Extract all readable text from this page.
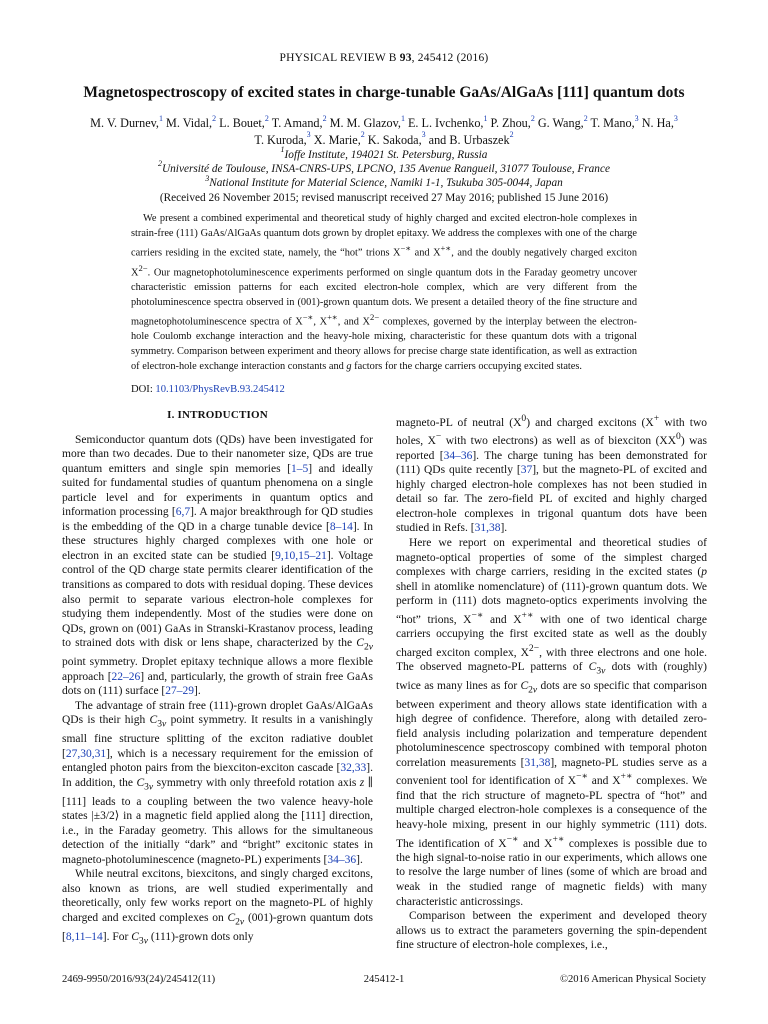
PHYSICAL REVIEW B 93, 245412 (2016)
Magnetospectroscopy of excited states in charge-tunable GaAs/AlGaAs [111] quantum dots
M. V. Durnev,$^1$ M. Vidal,$^2$ L. Bouet,$^2$ T. Amand,$^2$ M. M. Glazov,$^1$ E. L. Ivchenko,$^1$ P. Zhou,$^2$ G. Wang,$^2$ T. Mano,$^3$ N. Ha,$^3$
T. Kuroda,$^3$ X. Marie,$^2$ K. Sakoda,$^3$ and B. Urbaszek$^2$

$^1$Ioffe Institute, 194021 St. Petersburg, Russia

$^2$Université de Toulouse, INSA-CNRS-UPS, LPCNO, 135 Avenue Rangueil, 31077 Toulouse, France

$^3$National Institute for Material Science, Namiki 1-1, Tsukuba 305-0044, Japan

(Received 26 November 2015; revised manuscript received 27 May 2016; published 15 June 2016)

We present a combined experimental and theoretical study of highly charged and excited electron-hole complexes in strain-free (111) GaAs/AlGaAs quantum dots grown by droplet epitaxy. We address the complexes with one of the charge carriers residing in the excited state, namely, the “hot” trions X−∗ and X+∗, and the doubly negatively charged exciton $X^{2-}$. Our magnetophotoluminescence experiments performed on single quantum dots in the Faraday geometry uncover characteristic emission patterns for each excited electron-hole complex, which are very different from the photoluminescence spectra observed in (001)-grown quantum dots. We present a detailed theory of the fine structure and magnetophotoluminescence spectra of X−∗, X+∗, and $X^{2-}$ complexes, governed by the interplay between the electron-hole Coulomb exchange interaction and the heavy-hole mixing, characteristic for these quantum dots with a trigonal symmetry. Comparison between experiment and theory allows for precise charge state identification, as well as extraction of electron-hole exchange interaction constants and g factors for the charge carriers occupying excited states.

DOI: 10.1103/PhysRevB.93.245412

I. INTRODUCTION

Semiconductor quantum dots (QDs) have been investigated for more than two decades. Due to their nanometer size, QDs are true quantum emitters and single spin memories [1–5] and ideally suited for fundamental studies of quantum phenomena on a single particle level and for experiments in quantum optics and information processing [6,7]. A major breakthrough for QD studies is the embedding of the QD in a charge tunable device [8–14]. In these structures highly charged complexes with one hole or electron in an excited state can be studied [9,10,15–21]. Voltage control of the QD charge state permits clearer identification of the transitions as compared to dots with residual doping. These devices also permit to separate various electron-hole complexes for studying them independently. Most of the studies were done on QDs, grown on (001) GaAs in Stranski-Krastanov process, leading to strained dots with disk or lens shape, characterized by the $C_{2v}$ point symmetry. Droplet epitaxy technique allows a more flexible approach [22–26] and, particularly, the growth of strain free GaAs dots on (111) surface [27–29].

The advantage of strain free (111)-grown droplet GaAs/AlGaAs QDs is their high $C_{3v}$ point symmetry. It results in a vanishingly small fine structure splitting of the exciton radiative doublet [27,30,31], which is a necessary requirement for the emission of entangled photon pairs from the biexciton-exciton cascade [32,33]. In addition, the $C_{3v}$ symmetry with only threefold rotation axis z ∥ [111] leads to a coupling between the two valence heavy-hole states |±3/2⟩ in a magnetic field applied along the [111] direction, i.e., in the Faraday geometry. This allows for the simultaneous detection of the initially “dark” and “bright” excitonic states in magneto-photoluminescence (magneto-PL) experiments [34–36].

While neutral excitons, biexcitons, and singly charged excitons, also known as trions, are well studied experimentally and theoretically, only few works report on the magneto-PL of highly charged and excited complexes on $C_{2v}$ (001)-grown quantum dots [8,11–14]. For $C_{3v}$ (111)-grown dots only

magneto-PL of neutral $(X^0)$ and charged excitons (X+ with two holes, X− with two electrons) as well as of biexciton $(XX^0)$ was reported [34–36]. The charge tuning has been demonstrated for (111) QDs quite recently [37], but the magneto-PL of excited and highly charged electron-hole complexes has not been studied in detail so far. The zero-field PL of excited and highly charged electron-hole complexes in trigonal quantum dots have been studied in Refs. [31,38].

Here we report on experimental and theoretical studies of magneto-optical properties of some of the simplest charged complexes with charge carriers, residing in the excited states (p shell in atomlike nomenclature) of (111)-grown quantum dots. We perform in (111) dots magneto-optics experiments involving the “hot” trions, X−∗ and X+∗ with one of two identical charge carriers occupying the first excited state as well as the doubly charged exciton complex, $X^{2-}$, with three electrons and one hole. The observed magneto-PL patterns of $C_{3v}$ dots with (roughly) twice as many lines as for $C_{2v}$ dots are so specific that comparison between experiment and theory allows state identification with a high degree of confidence. Therefore, along with detailed zero-field analysis including polarization and temperature dependent photoluminescence spectroscopy combined with temporal photon correlation measurements [31,38], magneto-PL studies serve as a convenient tool for identification of X−∗ and X+∗ complexes. We find that the rich structure of magneto-PL spectra of “hot” and multiple charged electron-hole complexes is a consequence of the heavy-hole mixing, present in our highly symmetric (111) dots. The identification of X−∗ and X+∗ complexes is possible due to the high signal-to-noise ratio in our experiments, which allows one to resolve the large number of lines (some of which are broad and weak in the studied range of magnetic fields) with many characteristic anticrossings.

Comparison between the experiment and developed theory allows us to extract the parameters governing the spin-dependent fine structure of electron-hole complexes, i.e.,

2469-9950/2016/93(24)/245412(11)	245412-1	©2016 American Physical Society
